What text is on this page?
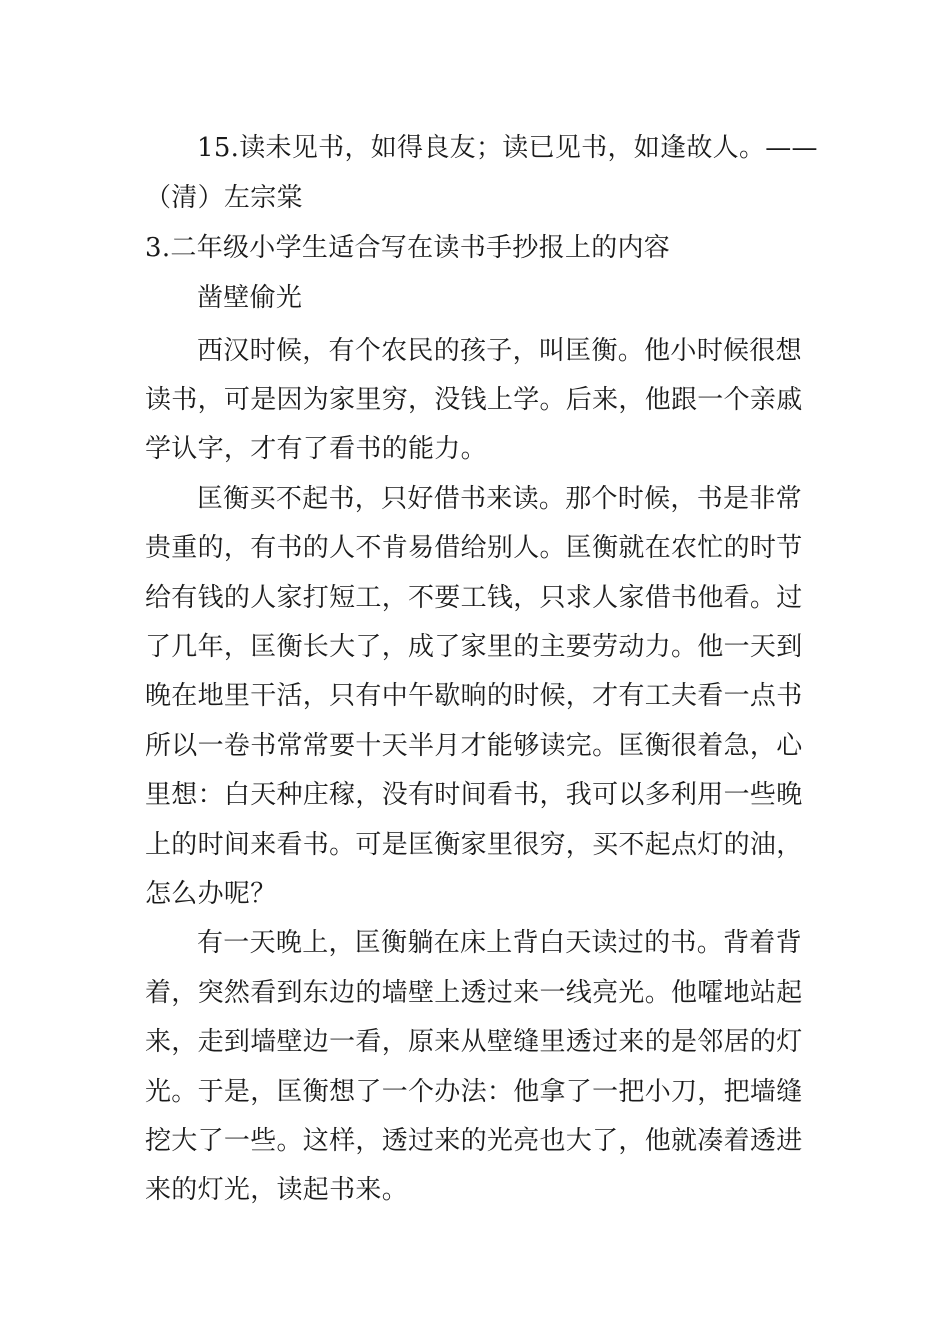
15.读未见书，如得良友；读已见书，如逢故人。——
（清）左宗棠
3.二年级小学生适合写在读书手抄报上的内容
凿壁偷光
西汉时候，有个农民的孩子，叫匡衡。他小时候很想
读书，可是因为家里穷，没钱上学。后来，他跟一个亲戚
学认字，才有了看书的能力。
匡衡买不起书，只好借书来读。那个时候，书是非常
贵重的，有书的人不肯易借给别人。匡衡就在农忙的时节
给有钱的人家打短工，不要工钱，只求人家借书他看。过
了几年，匡衡长大了，成了家里的主要劳动力。他一天到
晚在地里干活，只有中午歇晌的时候，才有工夫看一点书
所以一卷书常常要十天半月才能够读完。匡衡很着急，心
里想：白天种庄稼，没有时间看书，我可以多利用一些晚
上的时间来看书。可是匡衡家里很穷，买不起点灯的油，
怎么办呢？
有一天晚上，匡衡躺在床上背白天读过的书。背着背
着，突然看到东边的墙壁上透过来一线亮光。他嚯地站起
来，走到墙壁边一看，原来从壁缝里透过来的是邻居的灯
光。于是，匡衡想了一个办法：他拿了一把小刀，把墙缝
挖大了一些。这样，透过来的光亮也大了，他就凑着透进
来的灯光，读起书来。
